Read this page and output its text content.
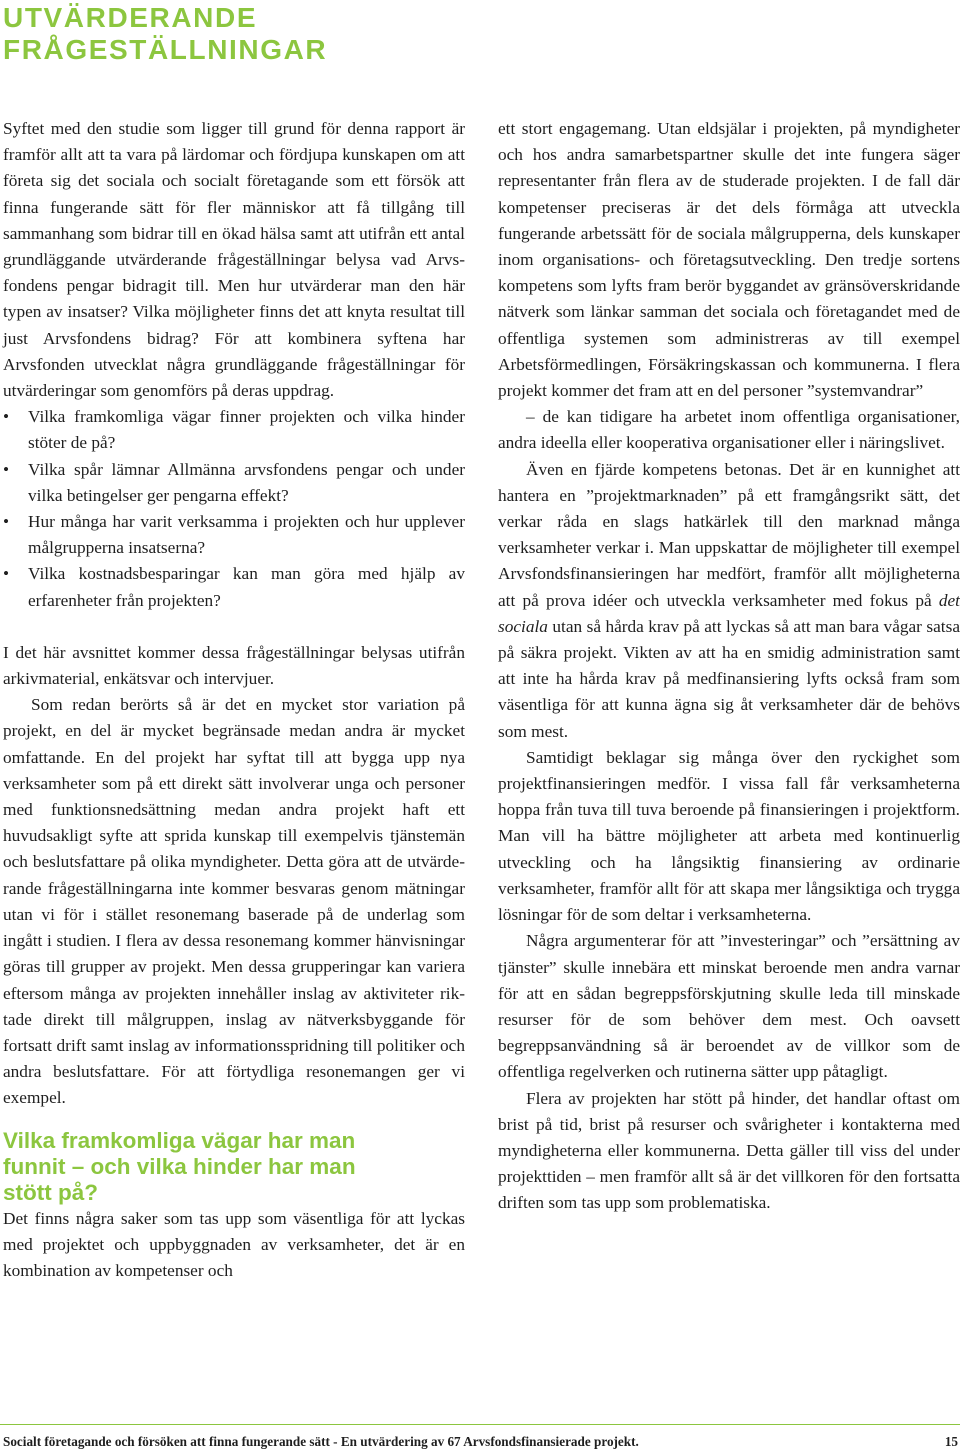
UTVÄRDERANDE
FRÅGESTÄLLNINGAR

Syftet med den studie som ligger till grund för denna rapport är framför allt att ta vara på lärdomar och fördjupa kunskapen om att företa sig det sociala och socialt företagande som ett försök att finna fungerande sätt för fler människor att få tillgång till sammanhang som bidrar till en ökad hälsa samt att utifrån ett antal grundläggande utvärderande frågeställningar belysa vad Arvsfondens pengar bidragit till. Men hur utvärderar man den här typen av insatser? Vilka möjligheter finns det att knyta resultat till just Arvsfondens bidrag? För att kombinera syftena har Arvsfonden utvecklat några grundläggande frågeställningar för utvärderingar som genomförs på deras uppdrag.

• Vilka framkomliga vägar finner projekten och vilka hinder stöter de på?
• Vilka spår lämnar Allmänna arvsfondens pengar och under vilka betingelser ger pengarna effekt?
• Hur många har varit verksamma i projekten och hur upplever målgrupperna insatserna?
• Vilka kostnadsbesparingar kan man göra med hjälp av erfarenheter från projekten?

I det här avsnittet kommer dessa frågeställningar belysas utifrån arkivmaterial, enkätsvar och intervjuer.

Som redan berörts så är det en mycket stor variation på projekt, en del är mycket begränsade medan andra är mycket omfattande. En del projekt har syftat till att bygga upp nya verksamheter som på ett direkt sätt involverar unga och personer med funktionsnedsättning medan andra projekt haft ett huvudsakligt syfte att sprida kunskap till exempelvis tjänstemän och beslutsfattare på olika myndigheter. Detta göra att de utvärderande frågeställningarna inte kommer besvaras genom mätningar utan vi för i stället resonemang baserade på de underlag som ingått i studien. I flera av dessa resonemang kommer hänvisningar göras till grupper av projekt. Men dessa grupperingar kan variera eftersom många av projekten innehåller inslag av aktiviteter riktade direkt till målgruppen, inslag av nätverksbyggande för fortsatt drift samt inslag av informationsspridning till politiker och andra beslutsfattare. För att förtydliga resonemangen ger vi exempel.

Vilka framkomliga vägar har man
funnit – och vilka hinder har man
stött på?

Det finns några saker som tas upp som väsentliga för att lyckas med projektet och uppbyggnaden av verksamheter, det är en kombination av kompetenser och

ett stort engagemang. Utan eldsjälar i projekten, på myndigheter och hos andra samarbetspartner skulle det inte fungera säger representanter från flera av de studerade projekten. I de fall där kompetenser preciseras är det dels förmåga att utveckla fungerande arbetssätt för de sociala målgrupperna, dels kunskaper inom organisations- och företagsutveckling. Den tredje sortens kompetens som lyfts fram berör byggandet av gränsöverskridande nätverk som länkar samman det sociala och företagandet med de offentliga systemen som administreras av till exempel Arbetsförmedlingen, Försäkringskassan och kommunerna. I flera projekt kommer det fram att en del personer ”systemvandrar”

– de kan tidigare ha arbetet inom offentliga organisationer, andra ideella eller kooperativa organisationer eller i näringslivet.

Även en fjärde kompetens betonas. Det är en kunnighet att hantera en ”projektmarknaden” på ett framgångsrikt sätt, det verkar råda en slags hatkärlek till den marknad många verksamheter verkar i. Man uppskattar de möjligheter till exempel Arvsfondsfinansieringen har medfört, framför allt möjligheterna att på prova idéer och utveckla verksamheter med fokus på det sociala utan så hårda krav på att lyckas så att man bara vågar satsa på säkra projekt. Vikten av att ha en smidig administration samt att inte ha hårda krav på medfinansiering lyfts också fram som väsentliga för att kunna ägna sig åt verksamheter där de behövs som mest.

Samtidigt beklagar sig många över den ryckighet som projektfinansieringen medför. I vissa fall får verksamheterna hoppa från tuva till tuva beroende på finansieringen i projektform. Man vill ha bättre möjligheter att arbeta med kontinuerlig utveckling och ha långsiktig finansiering av ordinarie verksamheter, framför allt för att skapa mer långsiktiga och trygga lösningar för de som deltar i verksamheterna.

Några argumenterar för att ”investeringar” och ”ersättning av tjänster” skulle innebära ett minskat beroende men andra varnar för att en sådan begreppsförskjutning skulle leda till minskade resurser för de som behöver dem mest. Och oavsett begreppsanvändning så är beroendet av de villkor som de offentliga regelverken och rutinerna sätter upp påtagligt.

Flera av projekten har stött på hinder, det handlar oftast om brist på tid, brist på resurser och svårigheter i kontakterna med myndigheterna eller kommunerna. Detta gäller till viss del under projekttiden – men framför allt så är det villkoren för den fortsatta driften som tas upp som problematiska.

Socialt företagande och försöken att finna fungerande sätt - En utvärdering av 67 Arvsfondsfinansierade projekt.	15
